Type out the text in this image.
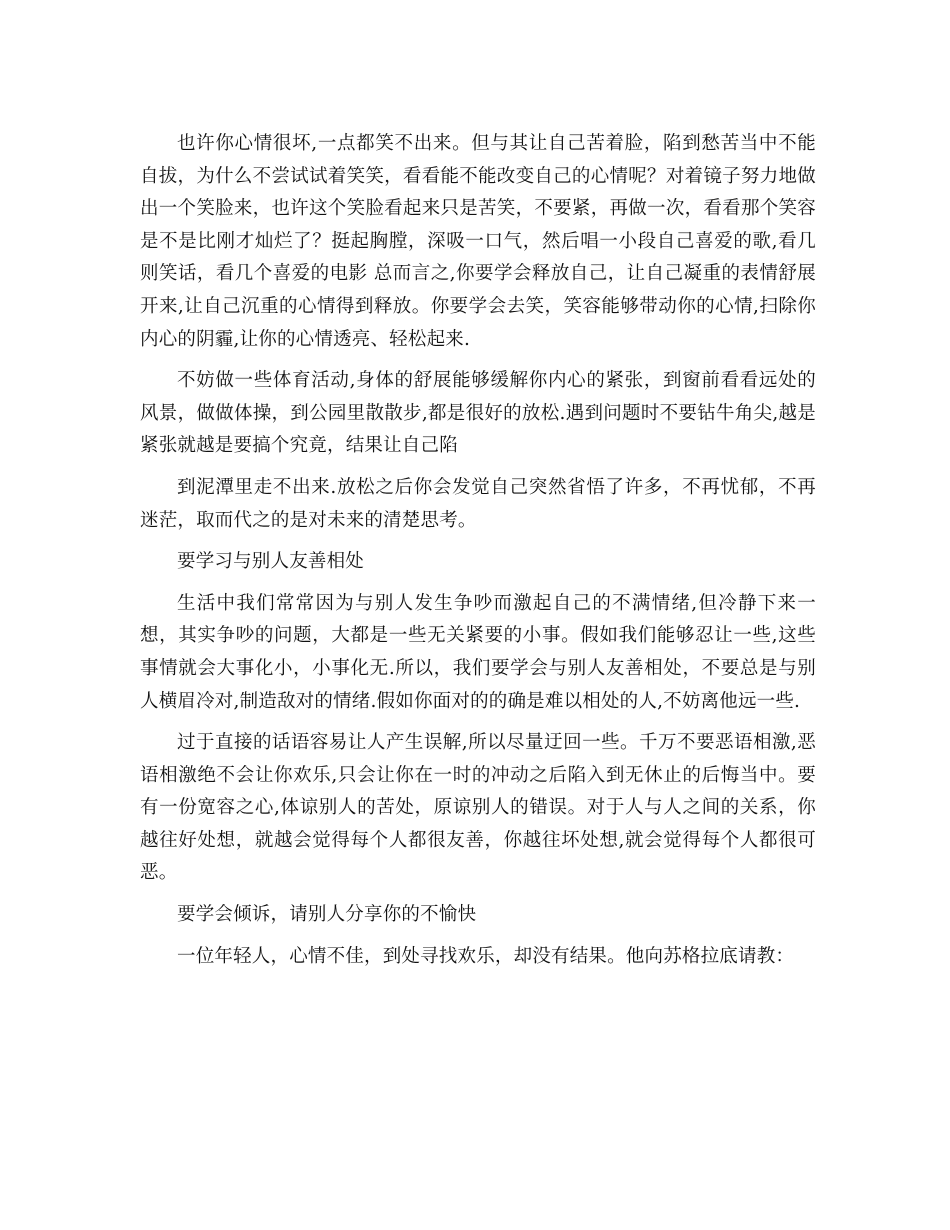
也许你心情很坏,一点都笑不出来。但与其让自己苦着脸，陷到愁苦当中不能自拔，为什么不尝试试着笑笑，看看能不能改变自己的心情呢？对着镜子努力地做出一个笑脸来，也许这个笑脸看起来只是苦笑，不要紧，再做一次，看看那个笑容是不是比刚才灿烂了？挺起胸膛，深吸一口气，然后唱一小段自己喜爱的歌,看几则笑话，看几个喜爱的电影 总而言之,你要学会释放自己，让自己凝重的表情舒展开来,让自己沉重的心情得到释放。你要学会去笑，笑容能够带动你的心情,扫除你内心的阴霾,让你的心情透亮、轻松起来.

不妨做一些体育活动,身体的舒展能够缓解你内心的紧张，到窗前看看远处的风景，做做体操，到公园里散散步,都是很好的放松.遇到问题时不要钻牛角尖,越是紧张就越是要搞个究竟，结果让自己陷

到泥潭里走不出来.放松之后你会发觉自己突然省悟了许多，不再忧郁，不再迷茫，取而代之的是对未来的清楚思考。

要学习与别人友善相处

生活中我们常常因为与别人发生争吵而激起自己的不满情绪,但冷静下来一想，其实争吵的问题，大都是一些无关紧要的小事。假如我们能够忍让一些,这些事情就会大事化小，小事化无.所以，我们要学会与别人友善相处，不要总是与别人横眉冷对,制造敌对的情绪.假如你面对的的确是难以相处的人,不妨离他远一些.

过于直接的话语容易让人产生误解,所以尽量迂回一些。千万不要恶语相激,恶语相激绝不会让你欢乐,只会让你在一时的冲动之后陷入到无休止的后悔当中。要有一份宽容之心,体谅别人的苦处，原谅别人的错误。对于人与人之间的关系，你越往好处想，就越会觉得每个人都很友善，你越往坏处想,就会觉得每个人都很可恶。

要学会倾诉，请别人分享你的不愉快

一位年轻人，心情不佳，到处寻找欢乐，却没有结果。他向苏格拉底请教：
